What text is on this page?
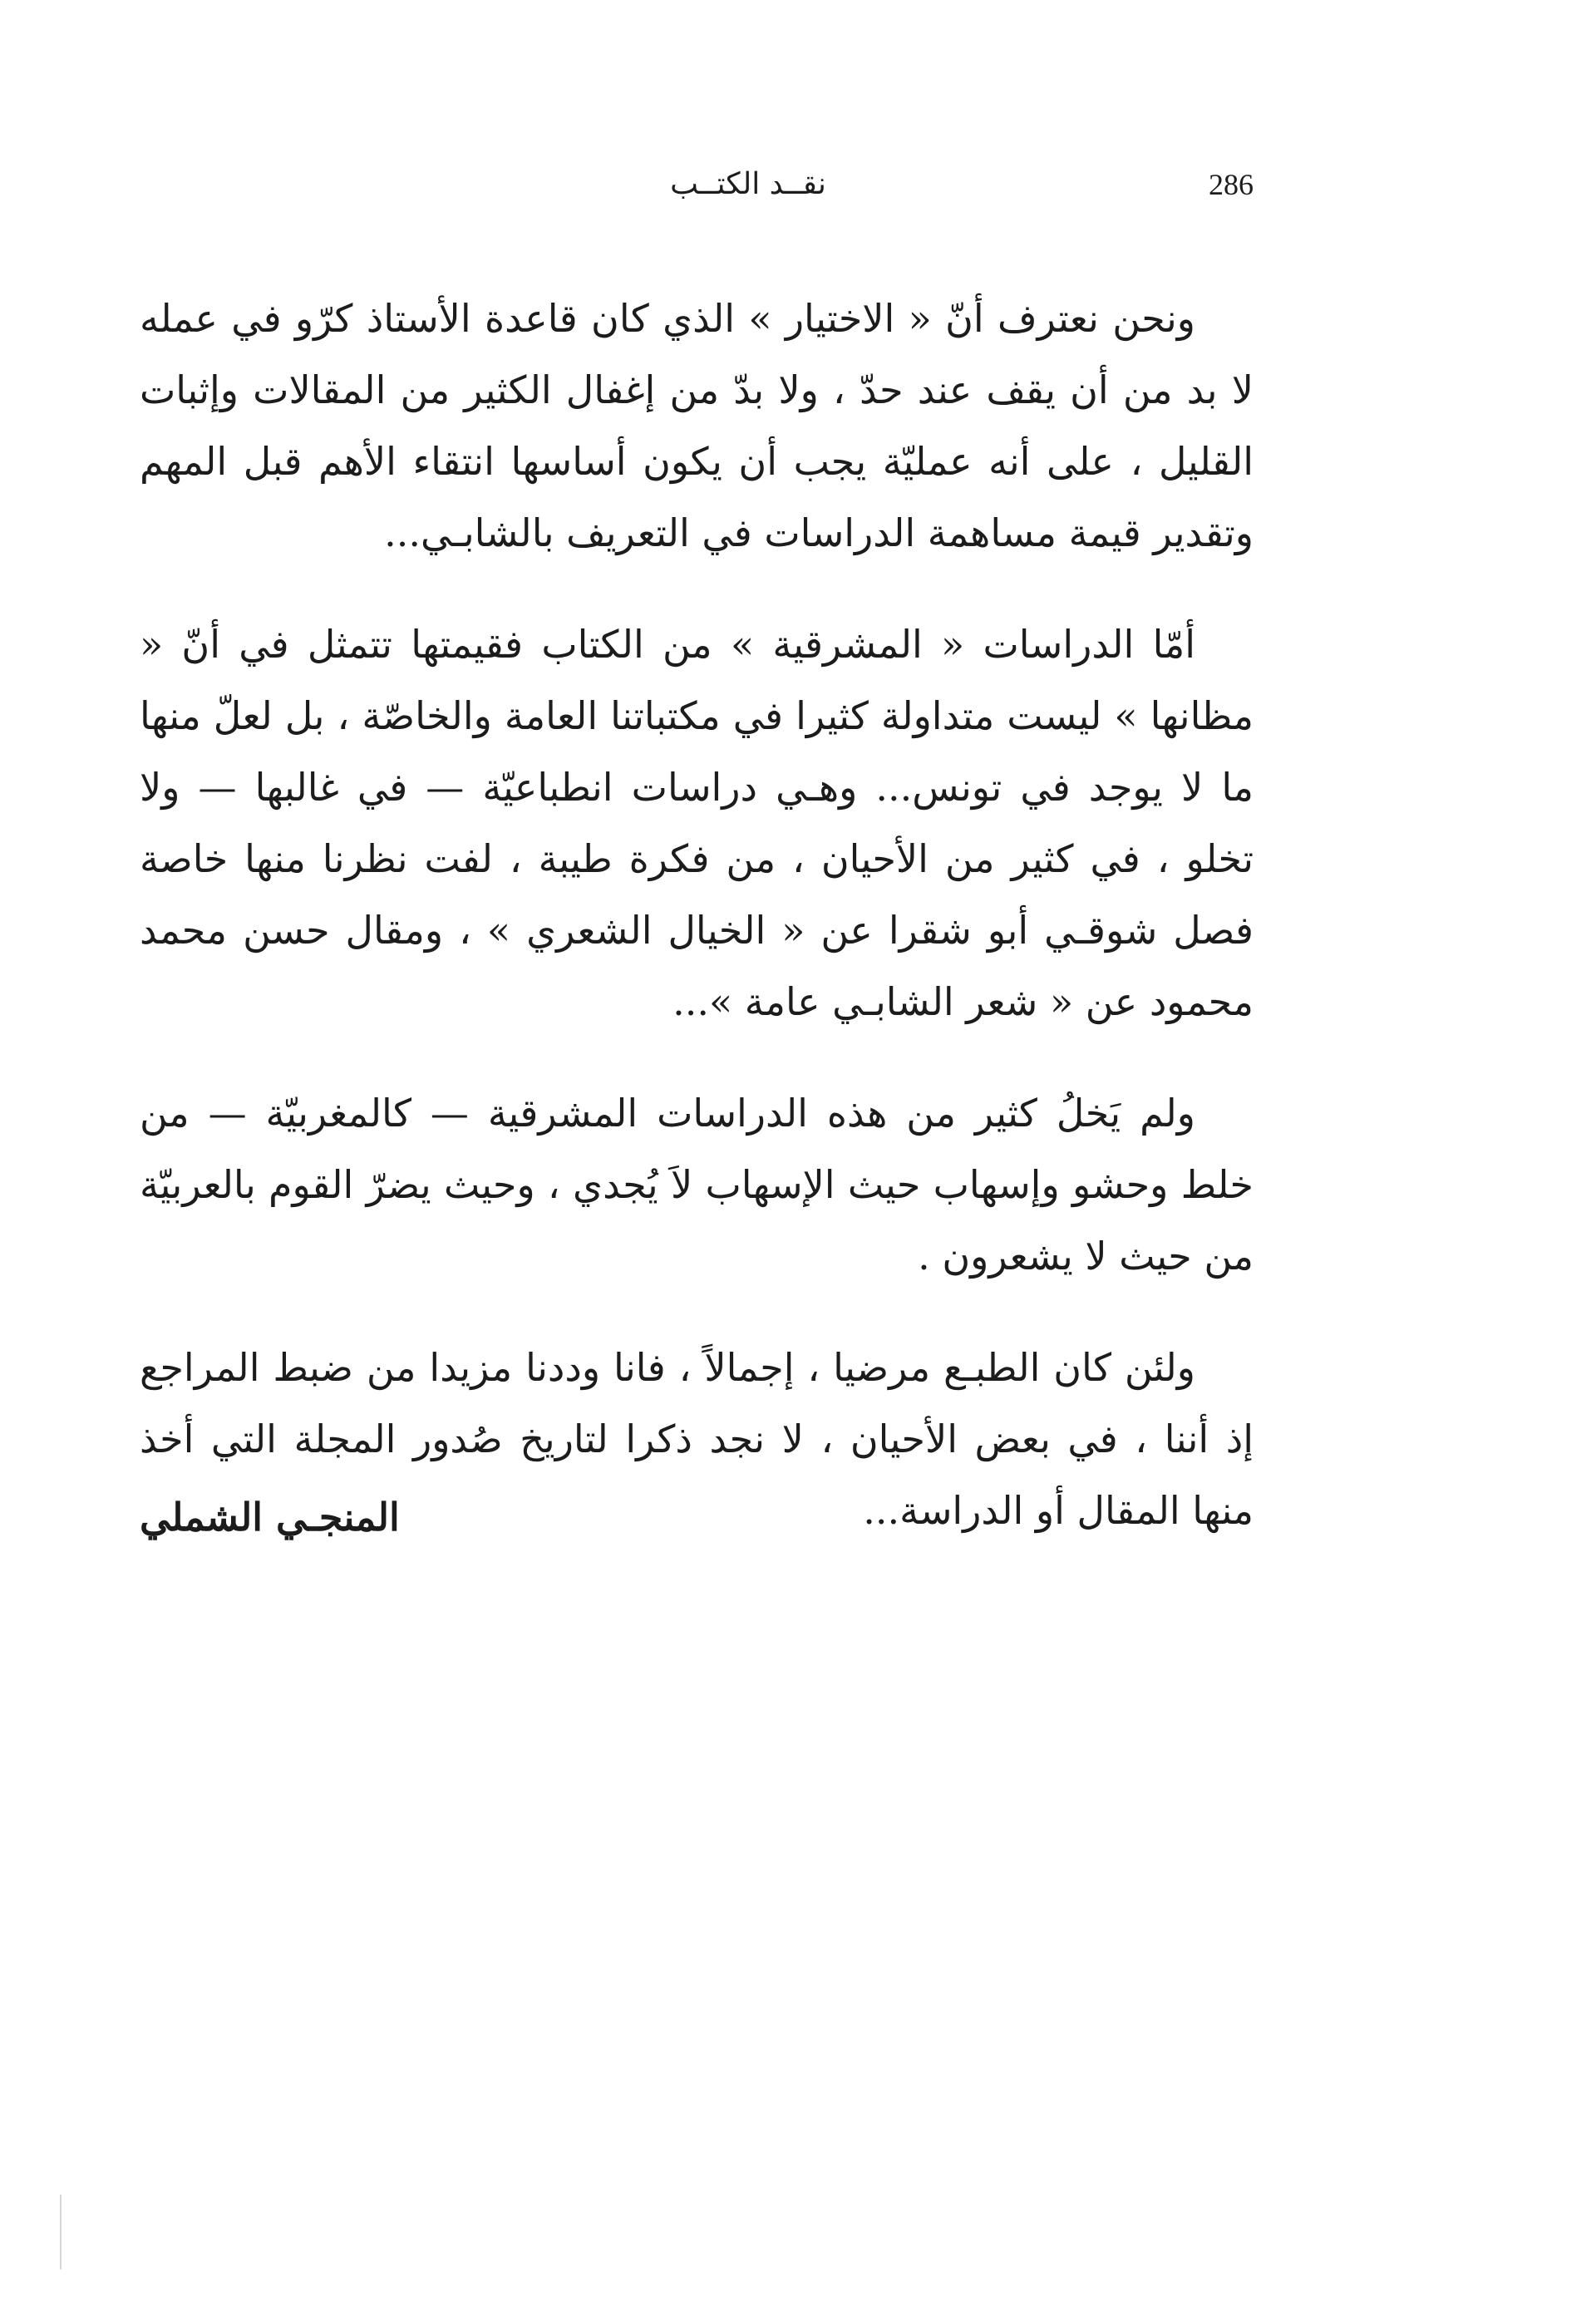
286
نقــد الكتــب

ونحن نعترف أنّ « الاختيار » الذي كان قاعدة الأستاذ كرّو في عمله لا بد من أن يقف عند حدّ ، ولا بدّ من إغفال الكثير من المقالات وإثبات القليل ، على أنه عمليّة يجب أن يكون أساسها انتقاء الأهم قبل المهم وتقدير قيمة مساهمة الدراسات في التعريف بالشابـي...

أمّا الدراسات « المشرقية » من الكتاب فقيمتها تتمثل في أنّ « مظانها » ليست متداولة كثيرا في مكتباتنا العامة والخاصّة ، بل لعلّ منها ما لا يوجد في تونس... وهـي دراسات انطباعيّة — في غالبها — ولا تخلو ، في كثير من الأحيان ، من فكرة طيبة ، لفت نظرنا منها خاصة فصل شوقـي أبو شقرا عن « الخيال الشعري » ، ومقال حسن محمد محمود عن « شعر الشابـي عامة »...

ولم يَخلُ كثير من هذه الدراسات المشرقية — كالمغربيّة — من خلط وحشو وإسهاب حيث الإسهاب لاَ يُجدي ، وحيث يضرّ القوم بالعربيّة من حيث لا يشعرون .

ولئن كان الطبـع مرضيا ، إجمالاً ، فانا وددنا مزيدا من ضبط المراجع إذ أننا ، في بعض الأحيان ، لا نجد ذكرا لتاريخ صُدور المجلة التي أخذ منها المقال أو الدراسة...

المنجـي الشملي
